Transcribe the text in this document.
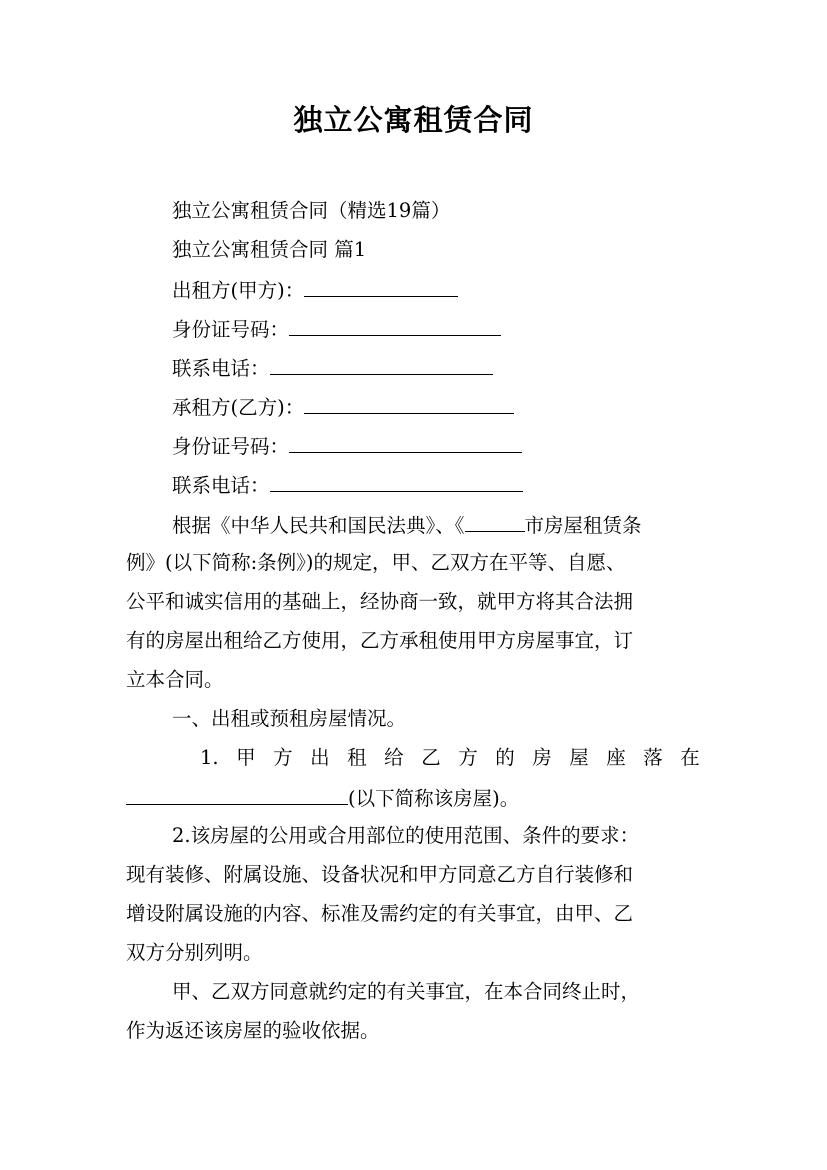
独立公寓租赁合同
独立公寓租赁合同（精选19篇）
独立公寓租赁合同 篇1
出租方(甲方)：
身份证号码：
联系电话：
承租方(乙方)：
身份证号码：
联系电话：
根据《中华人民共和国民法典》、《	市房屋租赁条
例》(以下简称:条例》)的规定，甲、乙双方在平等、自愿、
公平和诚实信用的基础上，经协商一致，就甲方将其合法拥
有的房屋出租给乙方使用，乙方承租使用甲方房屋事宜，订
立本合同。
一、出租或预租房屋情况。
1. 甲 方 出 租 给 乙 方 的 房 屋 座 落 在
(以下简称该房屋)。
2.该房屋的公用或合用部位的使用范围、条件的要求：
现有装修、附属设施、设备状况和甲方同意乙方自行装修和
增设附属设施的内容、标准及需约定的有关事宜，由甲、乙
双方分别列明。
甲、乙双方同意就约定的有关事宜，在本合同终止时，
作为返还该房屋的验收依据。
